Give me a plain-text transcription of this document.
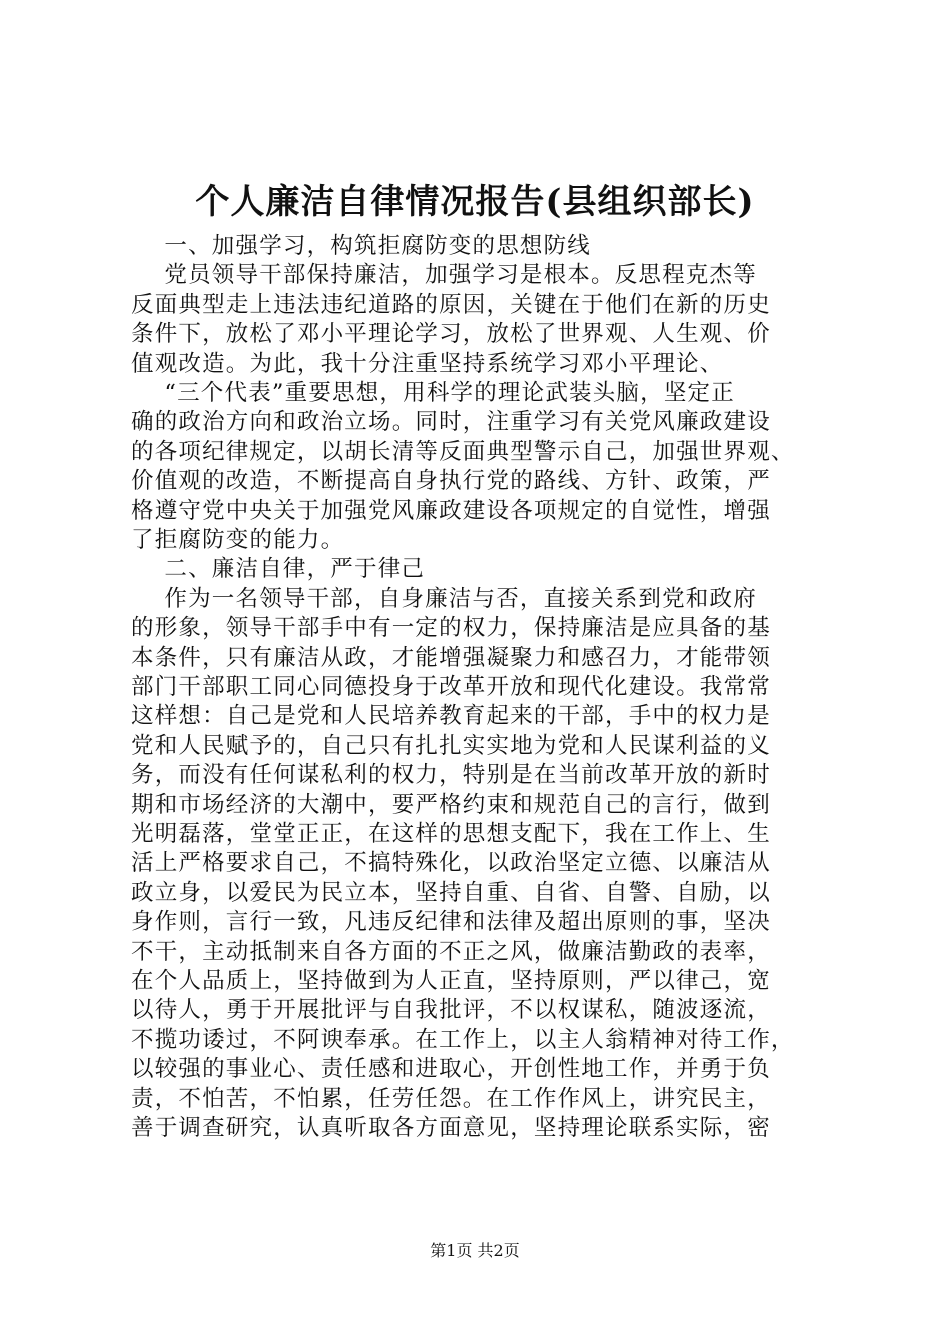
个人廉洁自律情况报告(县组织部长)
一、加强学习，构筑拒腐防变的思想防线
党员领导干部保持廉洁，加强学习是根本。反思程克杰等
反面典型走上违法违纪道路的原因，关键在于他们在新的历史
条件下，放松了邓小平理论学习，放松了世界观、人生观、价
值观改造。为此，我十分注重坚持系统学习邓小平理论、
“三个代表”重要思想，用科学的理论武装头脑，坚定正
确的政治方向和政治立场。同时，注重学习有关党风廉政建设
的各项纪律规定，以胡长清等反面典型警示自己，加强世界观、
价值观的改造，不断提高自身执行党的路线、方针、政策，严
格遵守党中央关于加强党风廉政建设各项规定的自觉性，增强
了拒腐防变的能力。
二、廉洁自律，严于律己
作为一名领导干部，自身廉洁与否，直接关系到党和政府
的形象，领导干部手中有一定的权力，保持廉洁是应具备的基
本条件，只有廉洁从政，才能增强凝聚力和感召力，才能带领
部门干部职工同心同德投身于改革开放和现代化建设。我常常
这样想：自己是党和人民培养教育起来的干部，手中的权力是
党和人民赋予的，自己只有扎扎实实地为党和人民谋利益的义
务，而没有任何谋私利的权力，特别是在当前改革开放的新时
期和市场经济的大潮中，要严格约束和规范自己的言行，做到
光明磊落，堂堂正正，在这样的思想支配下，我在工作上、生
活上严格要求自己，不搞特殊化，以政治坚定立德、以廉洁从
政立身，以爱民为民立本，坚持自重、自省、自警、自励，以
身作则，言行一致，凡违反纪律和法律及超出原则的事，坚决
不干，主动抵制来自各方面的不正之风，做廉洁勤政的表率，
在个人品质上，坚持做到为人正直，坚持原则，严以律己，宽
以待人，勇于开展批评与自我批评，不以权谋私，随波逐流，
不揽功诿过，不阿谀奉承。在工作上，以主人翁精神对待工作，
以较强的事业心、责任感和进取心，开创性地工作，并勇于负
责，不怕苦，不怕累，任劳任怨。在工作作风上，讲究民主，
善于调查研究，认真听取各方面意见，坚持理论联系实际，密
第1页 共2页
